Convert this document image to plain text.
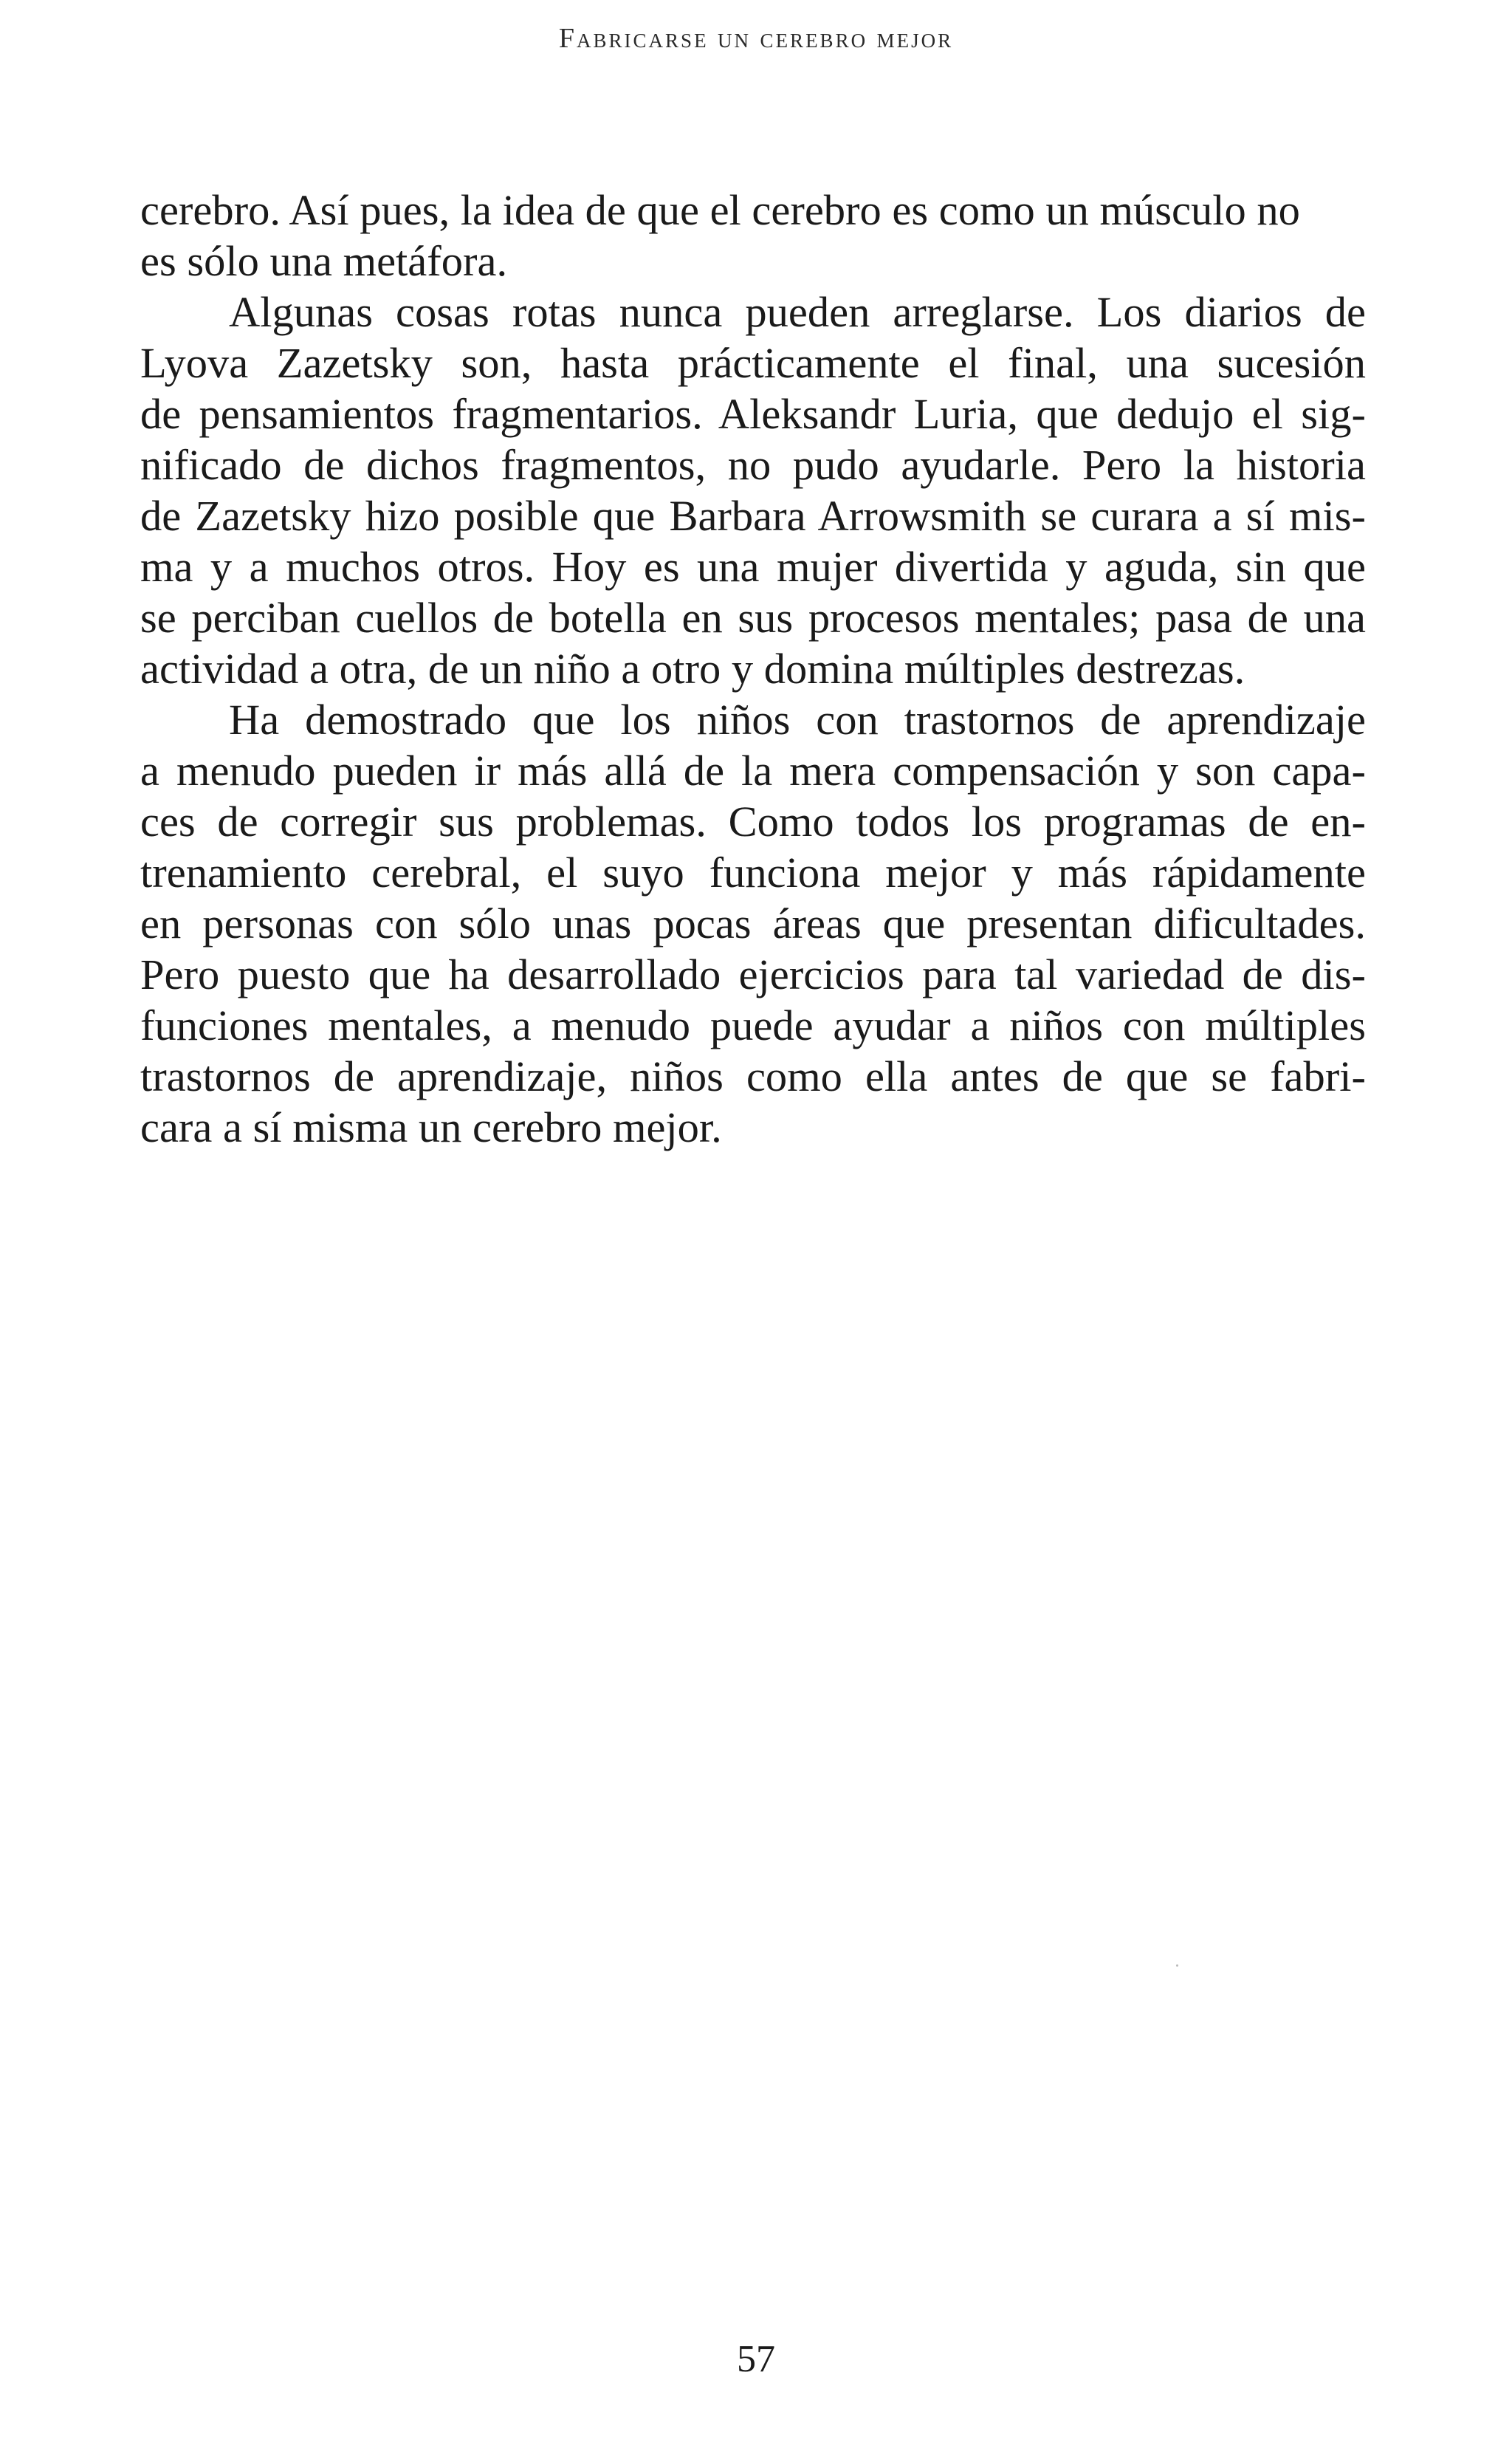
Fabricarse un cerebro mejor
cerebro. Así pues, la idea de que el cerebro es como un músculo no
es sólo una metáfora.
Algunas cosas rotas nunca pueden arreglarse. Los diarios de
Lyova Zazetsky son, hasta prácticamente el final, una sucesión
de pensamientos fragmentarios. Aleksandr Luria, que dedujo el sig-
nificado de dichos fragmentos, no pudo ayudarle. Pero la historia
de Zazetsky hizo posible que Barbara Arrowsmith se curara a sí mis-
ma y a muchos otros. Hoy es una mujer divertida y aguda, sin que
se perciban cuellos de botella en sus procesos mentales; pasa de una
actividad a otra, de un niño a otro y domina múltiples destrezas.
Ha demostrado que los niños con trastornos de aprendizaje
a menudo pueden ir más allá de la mera compensación y son capa-
ces de corregir sus problemas. Como todos los programas de en-
trenamiento cerebral, el suyo funciona mejor y más rápidamente
en personas con sólo unas pocas áreas que presentan dificultades.
Pero puesto que ha desarrollado ejercicios para tal variedad de dis-
funciones mentales, a menudo puede ayudar a niños con múltiples
trastornos de aprendizaje, niños como ella antes de que se fabri-
cara a sí misma un cerebro mejor.
57
